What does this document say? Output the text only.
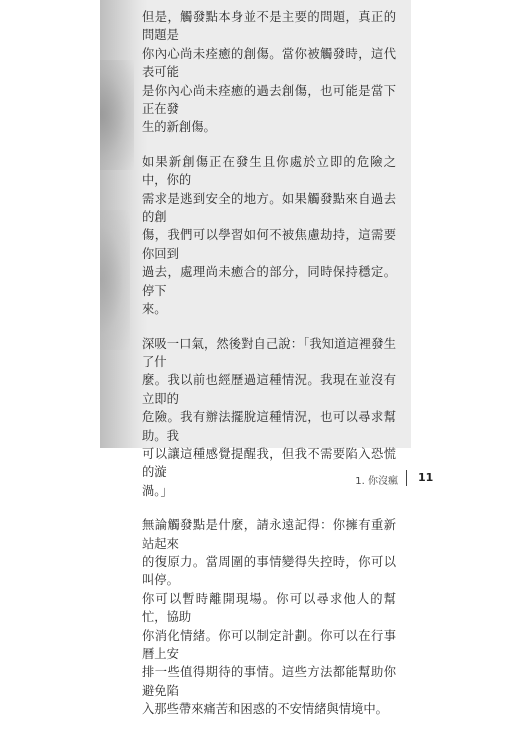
但是，觸發點本身並不是主要的問題，真正的問題是
你內心尚未痊癒的創傷。當你被觸發時，這代表可能
是你內心尚未痊癒的過去創傷，也可能是當下正在發
生的新創傷。

如果新創傷正在發生且你處於立即的危險之中，你的
需求是逃到安全的地方。如果觸發點來自過去的創
傷，我們可以學習如何不被焦慮劫持，這需要你回到
過去，處理尚未癒合的部分，同時保持穩定。停下
來。

深吸一口氣，然後對自己說：「我知道這裡發生了什
麼。我以前也經歷過這種情況。我現在並沒有立即的
危險。我有辦法擺脫這種情況，也可以尋求幫助。我
可以讓這種感覺提醒我，但我不需要陷入恐慌的漩
渦。」

無論觸發點是什麼，請永遠記得：你擁有重新站起來
的復原力。當周圍的事情變得失控時，你可以叫停。
你可以暫時離開現場。你可以尋求他人的幫忙，協助
你消化情緒。你可以制定計劃。你可以在行事曆上安
排一些值得期待的事情。這些方法都能幫助你避免陷
入那些帶來痛苦和困惑的不安情緒與情境中。

1. 你沒瘋 11
